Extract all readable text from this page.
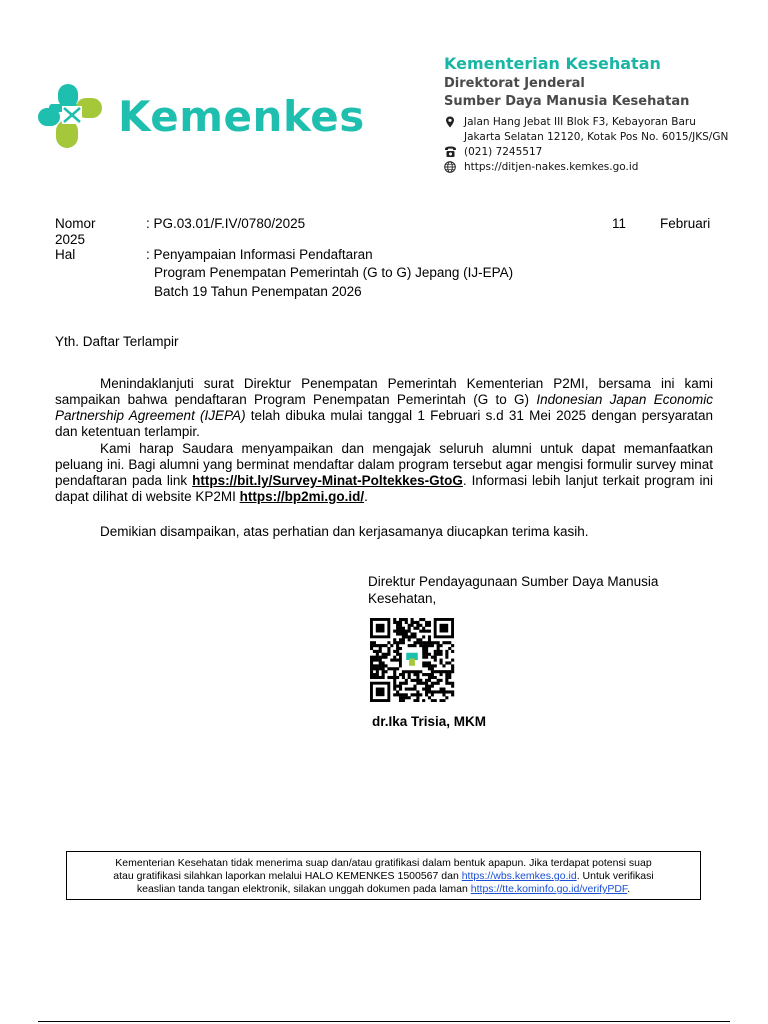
Kemenkes
Kementerian Kesehatan
Direktorat Jenderal
Sumber Daya Manusia Kesehatan
Jalan Hang Jebat III Blok F3, Kebayoran Baru
Jakarta Selatan 12120, Kotak Pos No. 6015/JKS/GN
(021) 7245517
https://ditjen-nakes.kemkes.go.id
Nomor	: PG.03.01/F.IV/0780/2025	11	Februari
2025
Hal	: Penyampaian Informasi Pendaftaran
Program Penempatan Pemerintah (G to G) Jepang (IJ-EPA)
Batch 19 Tahun Penempatan 2026
Yth. Daftar Terlampir
Menindaklanjuti surat Direktur Penempatan Pemerintah Kementerian P2MI, bersama ini kami sampaikan bahwa pendaftaran Program Penempatan Pemerintah (G to G) Indonesian Japan Economic Partnership Agreement (IJEPA) telah dibuka mulai tanggal 1 Februari s.d 31 Mei 2025 dengan persyaratan dan ketentuan terlampir.
Kami harap Saudara menyampaikan dan mengajak seluruh alumni untuk dapat memanfaatkan peluang ini. Bagi alumni yang berminat mendaftar dalam program tersebut agar mengisi formulir survey minat pendaftaran pada link https://bit.ly/Survey-Minat-Poltekkes-GtoG. Informasi lebih lanjut terkait program ini dapat dilihat di website KP2MI https://bp2mi.go.id/.
Demikian disampaikan, atas perhatian dan kerjasamanya diucapkan terima kasih.
Direktur Pendayagunaan Sumber Daya Manusia
Kesehatan,
dr.Ika Trisia, MKM
Kementerian Kesehatan tidak menerima suap dan/atau gratifikasi dalam bentuk apapun. Jika terdapat potensi suap
atau gratifikasi silahkan laporkan melalui HALO KEMENKES 1500567 dan https://wbs.kemkes.go.id. Untuk verifikasi
keaslian tanda tangan elektronik, silakan unggah dokumen pada laman https://tte.kominfo.go.id/verifyPDF.
